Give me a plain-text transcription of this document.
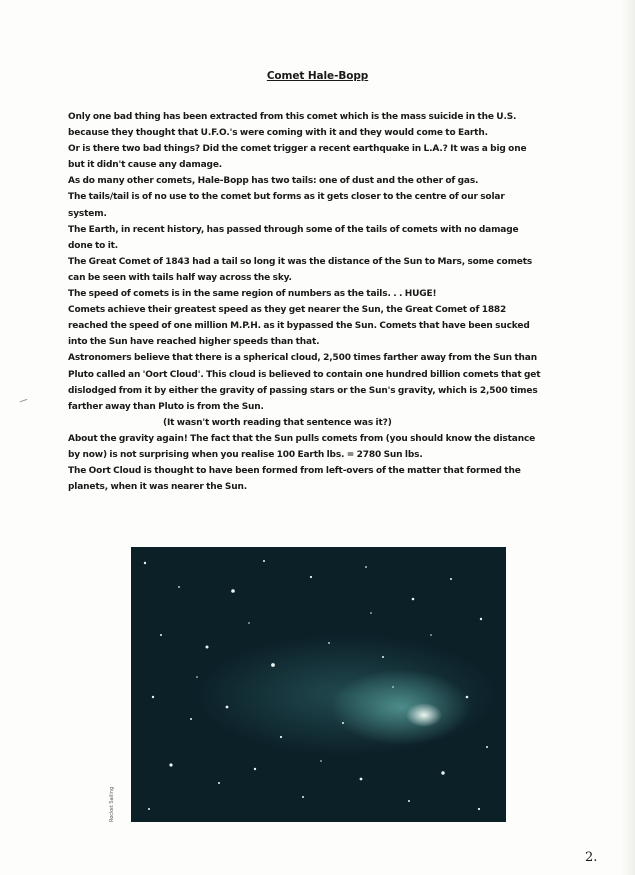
Comet Hale-Bopp

Only one bad thing has been extracted from this comet which is the mass suicide in the U.S. because they thought that U.F.O.'s were coming with it and they would come to Earth.

Or is there two bad things? Did the comet trigger a recent earthquake in L.A.? It was a big one but it didn't cause any damage.

As do many other comets, Hale-Bopp has two tails: one of dust and the other of gas.

The tails/tail is of no use to the comet but forms as it gets closer to the centre of our solar system.

The Earth, in recent history, has passed through some of the tails of comets with no damage done to it.

The Great Comet of 1843 had a tail so long it was the distance of the Sun to Mars, some comets can be seen with tails half way across the sky.

The speed of comets is in the same region of numbers as the tails. . . HUGE!

Comets achieve their greatest speed as they get nearer the Sun, the Great Comet of 1882 reached the speed of one million M.P.H. as it bypassed the Sun. Comets that have been sucked into the Sun have reached higher speeds than that.

Astronomers believe that there is a spherical cloud, 2,500 times farther away from the Sun than Pluto called an 'Oort Cloud'. This cloud is believed to contain one hundred billion comets that get dislodged from it by either the gravity of passing stars or the Sun's gravity, which is 2,500 times farther away than Pluto is from the Sun.(It wasn't worth reading that sentence was it?)

About the gravity again! The fact that the Sun pulls comets from (you should know the distance by now) is not surprising when you realise 100 Earth lbs. = 2780 Sun lbs.

The Oort Cloud is thought to have been formed from left-overs of the matter that formed the planets, when it was nearer the Sun.

Rocket Sailing
2.
